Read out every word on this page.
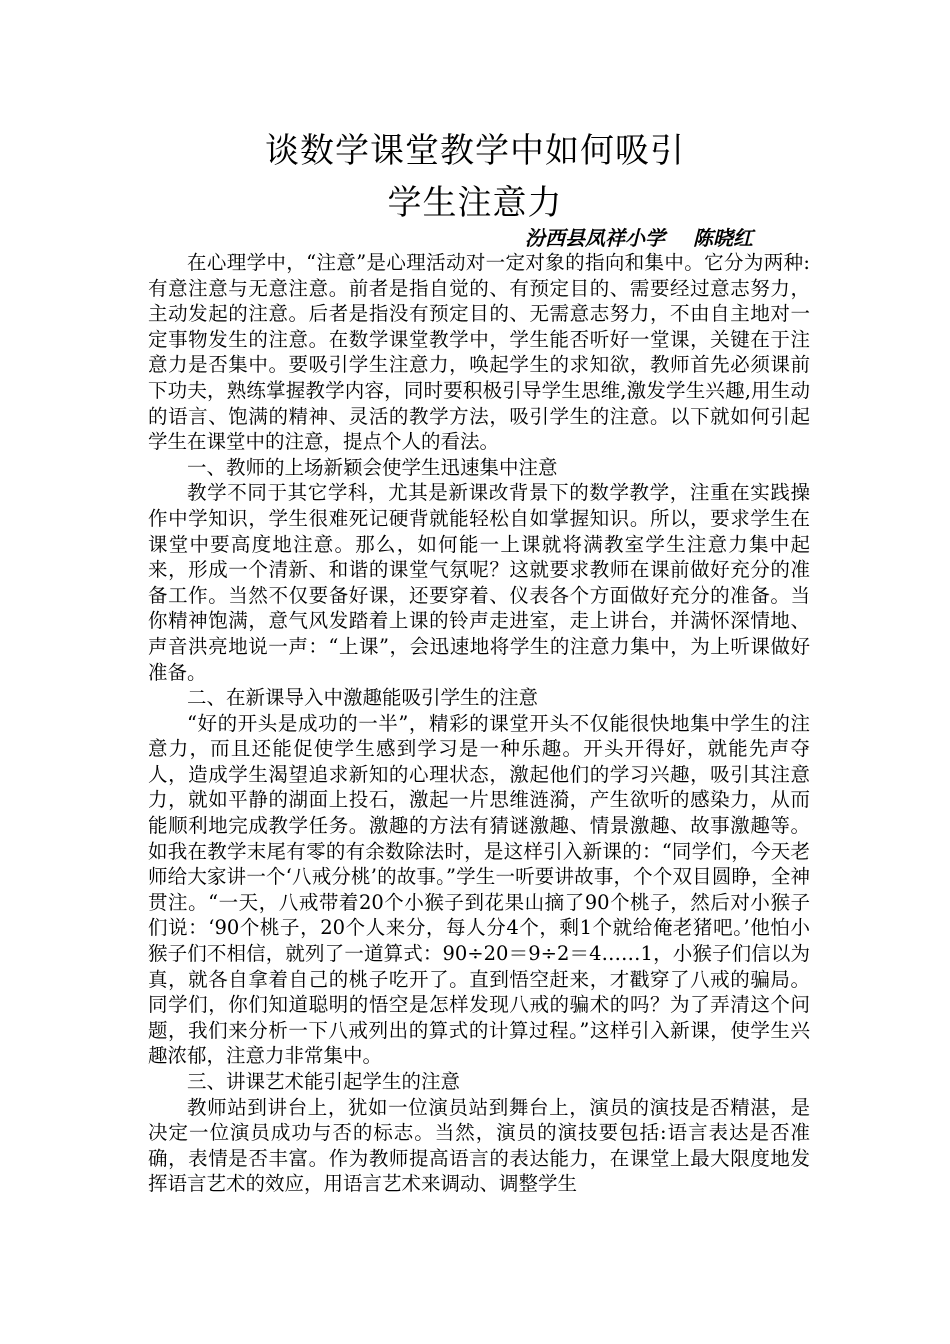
谈数学课堂教学中如何吸引
学生注意力
汾西县凤祥小学 陈晓红

在心理学中，“注意”是心理活动对一定对象的指向和集中。它分为两种:有意注意与无意注意。前者是指自觉的、有预定目的、需要经过意志努力，主动发起的注意。后者是指没有预定目的、无需意志努力，不由自主地对一定事物发生的注意。在数学课堂教学中，学生能否听好一堂课，关键在于注意力是否集中。要吸引学生注意力，唤起学生的求知欲，教师首先必须课前下功夫，熟练掌握教学内容，同时要积极引导学生思维,激发学生兴趣,用生动的语言、饱满的精神、灵活的教学方法，吸引学生的注意。以下就如何引起学生在课堂中的注意，提点个人的看法。

一、教师的上场新颖会使学生迅速集中注意

教学不同于其它学科，尤其是新课改背景下的数学教学，注重在实践操作中学知识，学生很难死记硬背就能轻松自如掌握知识。所以，要求学生在课堂中要高度地注意。那么，如何能一上课就将满教室学生注意力集中起来，形成一个清新、和谐的课堂气氛呢？这就要求教师在课前做好充分的准备工作。当然不仅要备好课，还要穿着、仪表各个方面做好充分的准备。当你精神饱满，意气风发踏着上课的铃声走进室，走上讲台，并满怀深情地、声音洪亮地说一声：“上课”，会迅速地将学生的注意力集中，为上听课做好准备。

二、在新课导入中激趣能吸引学生的注意

“好的开头是成功的一半”，精彩的课堂开头不仅能很快地集中学生的注意力，而且还能促使学生感到学习是一种乐趣。开头开得好，就能先声夺人，造成学生渴望追求新知的心理状态，激起他们的学习兴趣，吸引其注意力，就如平静的湖面上投石，激起一片思维涟漪，产生欲听的感染力，从而能顺利地完成教学任务。激趣的方法有猜谜激趣、情景激趣、故事激趣等。如我在教学末尾有零的有余数除法时，是这样引入新课的：“同学们，今天老师给大家讲一个‘八戒分桃’的故事。”学生一听要讲故事，个个双目圆睁，全神贯注。“一天，八戒带着20个小猴子到花果山摘了90个桃子，然后对小猴子们说：‘90个桃子，20个人来分，每人分4个，剩1个就给俺老猪吧。’他怕小猴子们不相信，就列了一道算式：90÷20＝9÷2＝4……1，小猴子们信以为真，就各自拿着自己的桃子吃开了。直到悟空赶来，才戳穿了八戒的骗局。同学们，你们知道聪明的悟空是怎样发现八戒的骗术的吗？为了弄清这个问题，我们来分析一下八戒列出的算式的计算过程。”这样引入新课，使学生兴趣浓郁，注意力非常集中。

三、讲课艺术能引起学生的注意

教师站到讲台上，犹如一位演员站到舞台上，演员的演技是否精湛，是决定一位演员成功与否的标志。当然，演员的演技要包括:语言表达是否准确，表情是否丰富。作为教师提高语言的表达能力，在课堂上最大限度地发挥语言艺术的效应，用语言艺术来调动、调整学生
